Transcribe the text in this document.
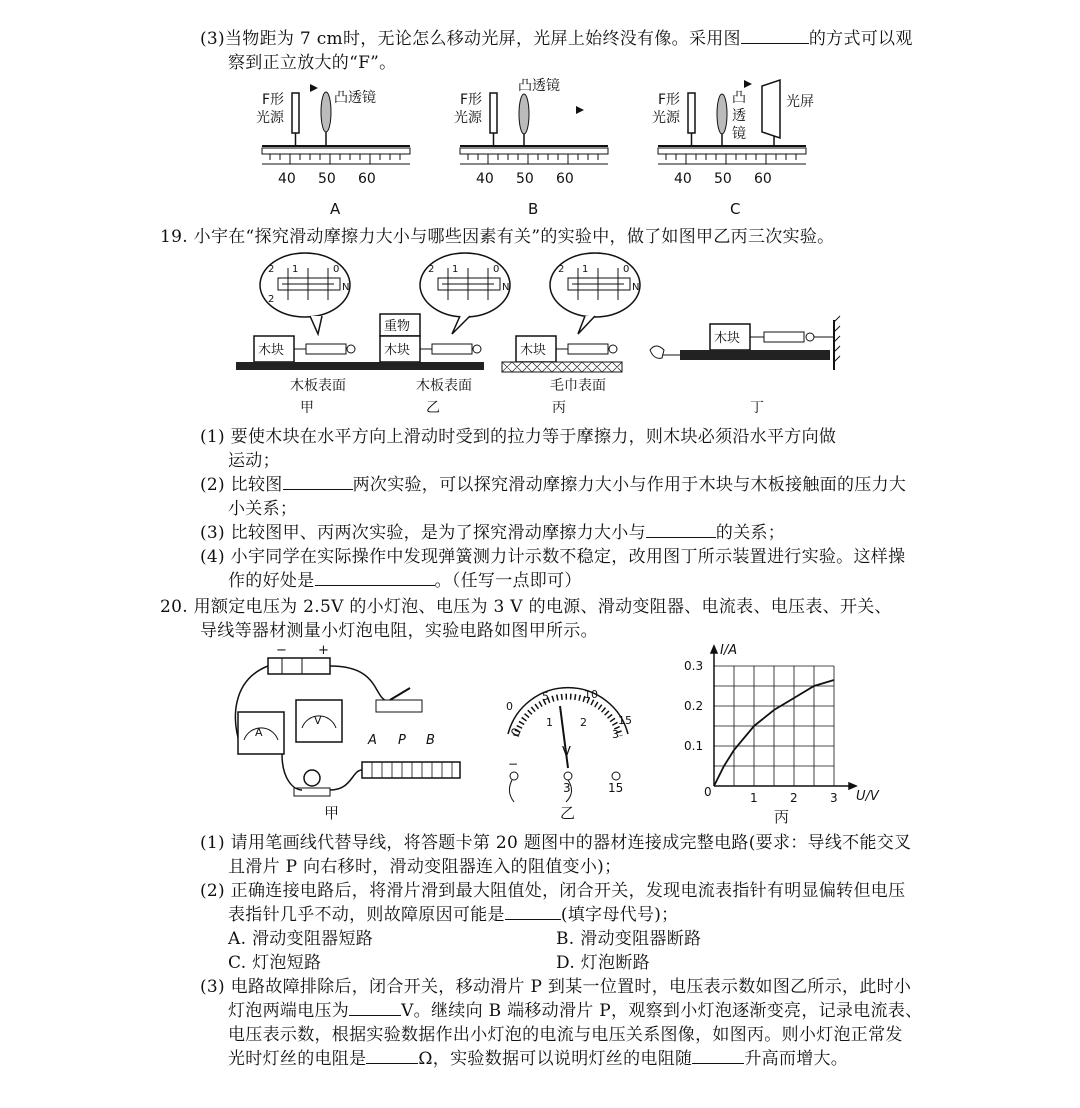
(3)当物距为 7 cm时，无论怎么移动光屏，光屏上始终没有像。采用图	的方式可以观
察到正立放大的“F”。
F形
光源
凸透镜
40 50 60
A
F形
光源
凸透镜
40 50 60
B
F形
光源
凸
透
镜
光屏
40 50 60
C
19. 小宇在“探究滑动摩擦力大小与哪些因素有关”的实验中，做了如图甲乙丙三次实验。
2
2
1	0
N
2 1	0
N
2 1	0
N
木块
木板表面
甲
重物
木块
木板表面
乙
木块
毛巾表面
丙
木块
丁
(1) 要使木块在水平方向上滑动时受到的拉力等于摩擦力，则木块必须沿水平方向做
运动；
(2) 比较图	两次实验，可以探究滑动摩擦力大小与作用于木块与木板接触面的压力大
小关系；
(3) 比较图甲、丙两次实验，是为了探究滑动摩擦力大小与	的关系；
(4) 小宇同学在实际操作中发现弹簧测力计示数不稳定，改用图丁所示装置进行实验。这样操
作的好处是	。（任写一点即可）
20. 用额定电压为 2.5V 的小灯泡、电压为 3 V 的电源、滑动变阻器、电流表、电压表、开关、
导线等器材测量小灯泡电阻，实验电路如图甲所示。
− +
A
V
A P B
甲
0
0
5	10
15
1 2
3
V
−
3	15
乙
1	2	3
0.1
0.2
0.3
I/A
U/V
0
丙
(1) 请用笔画线代替导线，将答题卡第 20 题图中的器材连接成完整电路(要求：导线不能交叉
且滑片 P 向右移时，滑动变阻器连入的阻值变小)；
(2) 正确连接电路后，将滑片滑到最大阻值处，闭合开关，发现电流表指针有明显偏转但电压
表指针几乎不动，则故障原因可能是	(填字母代号)；
A. 滑动变阻器短路	B. 滑动变阻器断路
C. 灯泡短路	D. 灯泡断路
(3) 电路故障排除后，闭合开关，移动滑片 P 到某一位置时，电压表示数如图乙所示，此时小
灯泡两端电压为	V。继续向 B 端移动滑片 P，观察到小灯泡逐渐变亮，记录电流表、
电压表示数，根据实验数据作出小灯泡的电流与电压关系图像，如图丙。则小灯泡正常发
光时灯丝的电阻是	Ω，实验数据可以说明灯丝的电阻随	升高而增大。
